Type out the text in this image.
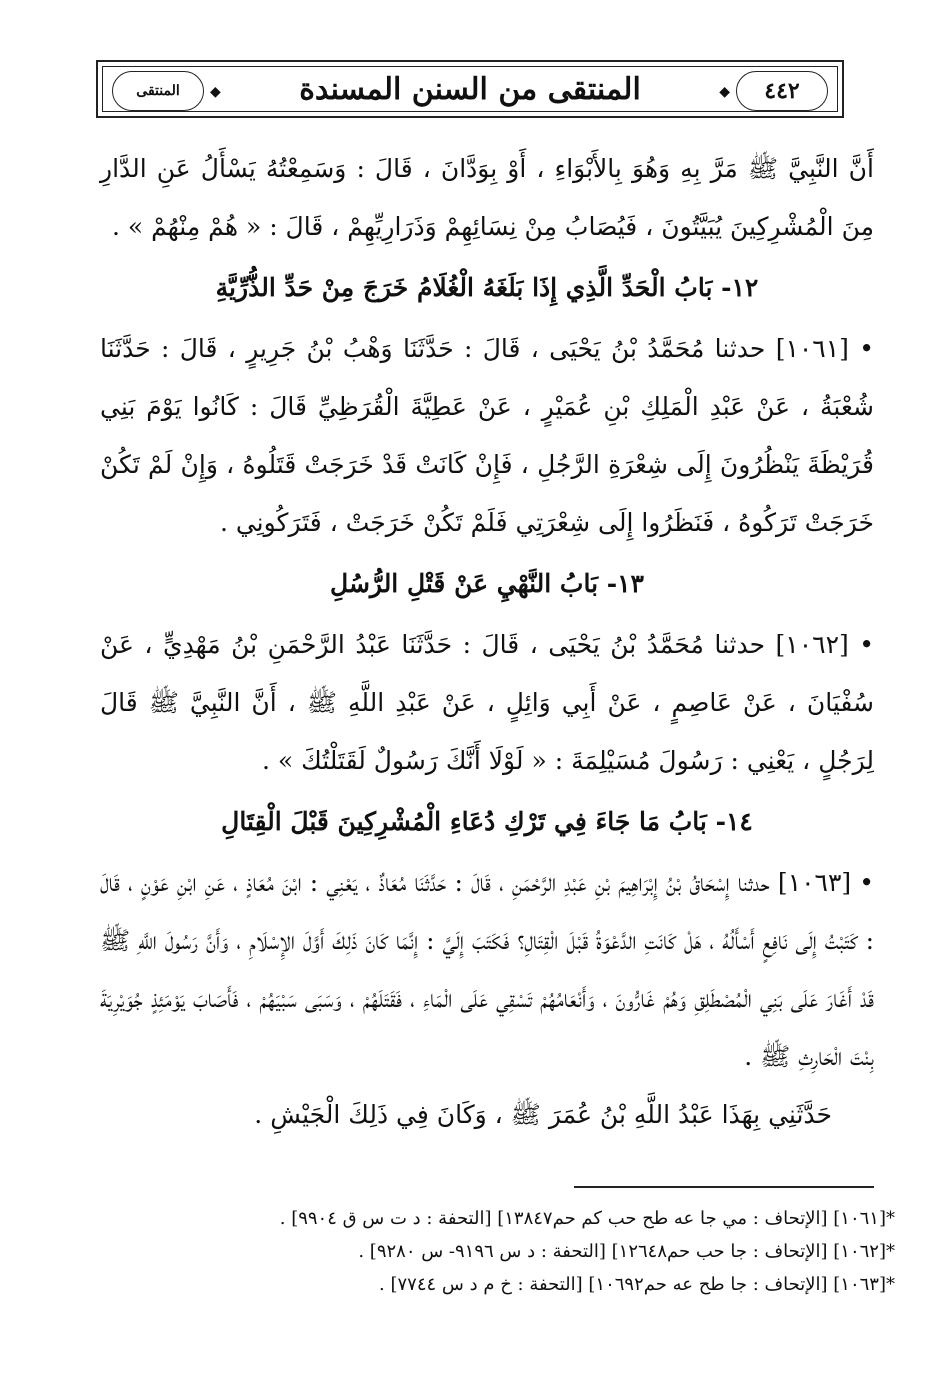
٤٤٢
◆
المنتقى من السنن المسندة
◆
المنتقى

أَنَّ النَّبِيَّ ﷺ مَرَّ بِهِ وَهُوَ بِالأَبْوَاءِ ، أَوْ بِوَدَّانَ ، قَالَ : وَسَمِعْتُهُ يَسْأَلُ عَنِ الدَّارِ مِنَ الْمُشْرِكِينَ يُبَيَّتُونَ ، فَيُصَابُ مِنْ نِسَائِهِمْ وَذَرَارِيِّهِمْ ، قَالَ : « هُمْ مِنْهُمْ » .

١٢- بَابُ الْحَدِّ الَّذِي إِذَا بَلَغَهُ الْغُلَامُ خَرَجَ مِنْ حَدِّ الذُّرِّيَّةِ

• [١٠٦١] حدثنا مُحَمَّدُ بْنُ يَحْيَى ، قَالَ : حَدَّثَنَا وَهْبُ بْنُ جَرِيرٍ ، قَالَ : حَدَّثَنَا شُعْبَةُ ، عَنْ عَبْدِ الْمَلِكِ بْنِ عُمَيْرٍ ، عَنْ عَطِيَّةَ الْقُرَظِيِّ قَالَ : كَانُوا يَوْمَ بَنِي قُرَيْظَةَ يَنْظُرُونَ إِلَى شِعْرَةِ الرَّجُلِ ، فَإِنْ كَانَتْ قَدْ خَرَجَتْ قَتَلُوهُ ، وَإِنْ لَمْ تَكُنْ خَرَجَتْ تَرَكُوهُ ، فَنَظَرُوا إِلَى شِعْرَتِي فَلَمْ تَكُنْ خَرَجَتْ ، فَتَرَكُونِي .

١٣- بَابُ النَّهْيِ عَنْ قَتْلِ الرُّسُلِ

• [١٠٦٢] حدثنا مُحَمَّدُ بْنُ يَحْيَى ، قَالَ : حَدَّثَنَا عَبْدُ الرَّحْمَنِ بْنُ مَهْدِيٍّ ، عَنْ سُفْيَانَ ، عَنْ عَاصِمٍ ، عَنْ أَبِي وَائِلٍ ، عَنْ عَبْدِ اللَّهِ ﷺ ، أَنَّ النَّبِيَّ ﷺ قَالَ لِرَجُلٍ ، يَعْنِي : رَسُولَ مُسَيْلِمَةَ : « لَوْلَا أَنَّكَ رَسُولٌ لَقَتَلْتُكَ » .

١٤- بَابُ مَا جَاءَ فِي تَرْكِ دُعَاءِ الْمُشْرِكِينَ قَبْلَ الْقِتَالِ

• [١٠٦٣] حدثنا إِسْحَاقُ بْنُ إِبْرَاهِيمَ بْنِ عَبْدِ الرَّحْمَنِ ، قَالَ : حَدَّثَنَا مُعَاذٌ ، يَعْنِي : ابْنَ مُعَاذٍ ، عَنِ ابْنِ عَوْنٍ ، قَالَ : كَتَبْتُ إِلَى نَافِعٍ أَسْأَلُهُ ، هَلْ كَانَتِ الدَّعْوَةُ قَبْلَ الْقِتَالِ؟ فَكَتَبَ إِلَيَّ : إِنَّمَا كَانَ ذَلِكَ أَوَّلَ الإِسْلَامِ ، وَأَنَّ رَسُولَ اللَّهِ ﷺ قَدْ أَغَارَ عَلَى بَنِي الْمُصْطَلِقِ وَهُمْ غَارُّونَ ، وَأَنْعَامُهُمْ تَسْقِي عَلَى الْمَاءِ ، فَقَتَلَهُمْ ، وَسَبَى سَبْيَهُمْ ، فَأَصَابَ يَوْمَئِذٍ جُوَيْرِيَةَ بِنْتَ الْحَارِثِ ﷺ .

حَدَّثَنِي بِهَذَا عَبْدُ اللَّهِ بْنُ عُمَرَ ﷺ ، وَكَانَ فِي ذَلِكَ الْجَيْشِ .

*[١٠٦١] [الإتحاف : مي جا عه طح حب كم حم١٣٨٤٧] [التحفة : د ت س ق ٩٩٠٤] .
*[١٠٦٢] [الإتحاف : جا حب حم١٢٦٤٨] [التحفة : د س ٩١٩٦- س ٩٢٨٠] .
*[١٠٦٣] [الإتحاف : جا طح عه حم١٠٦٩٢] [التحفة : خ م د س ٧٧٤٤] .
